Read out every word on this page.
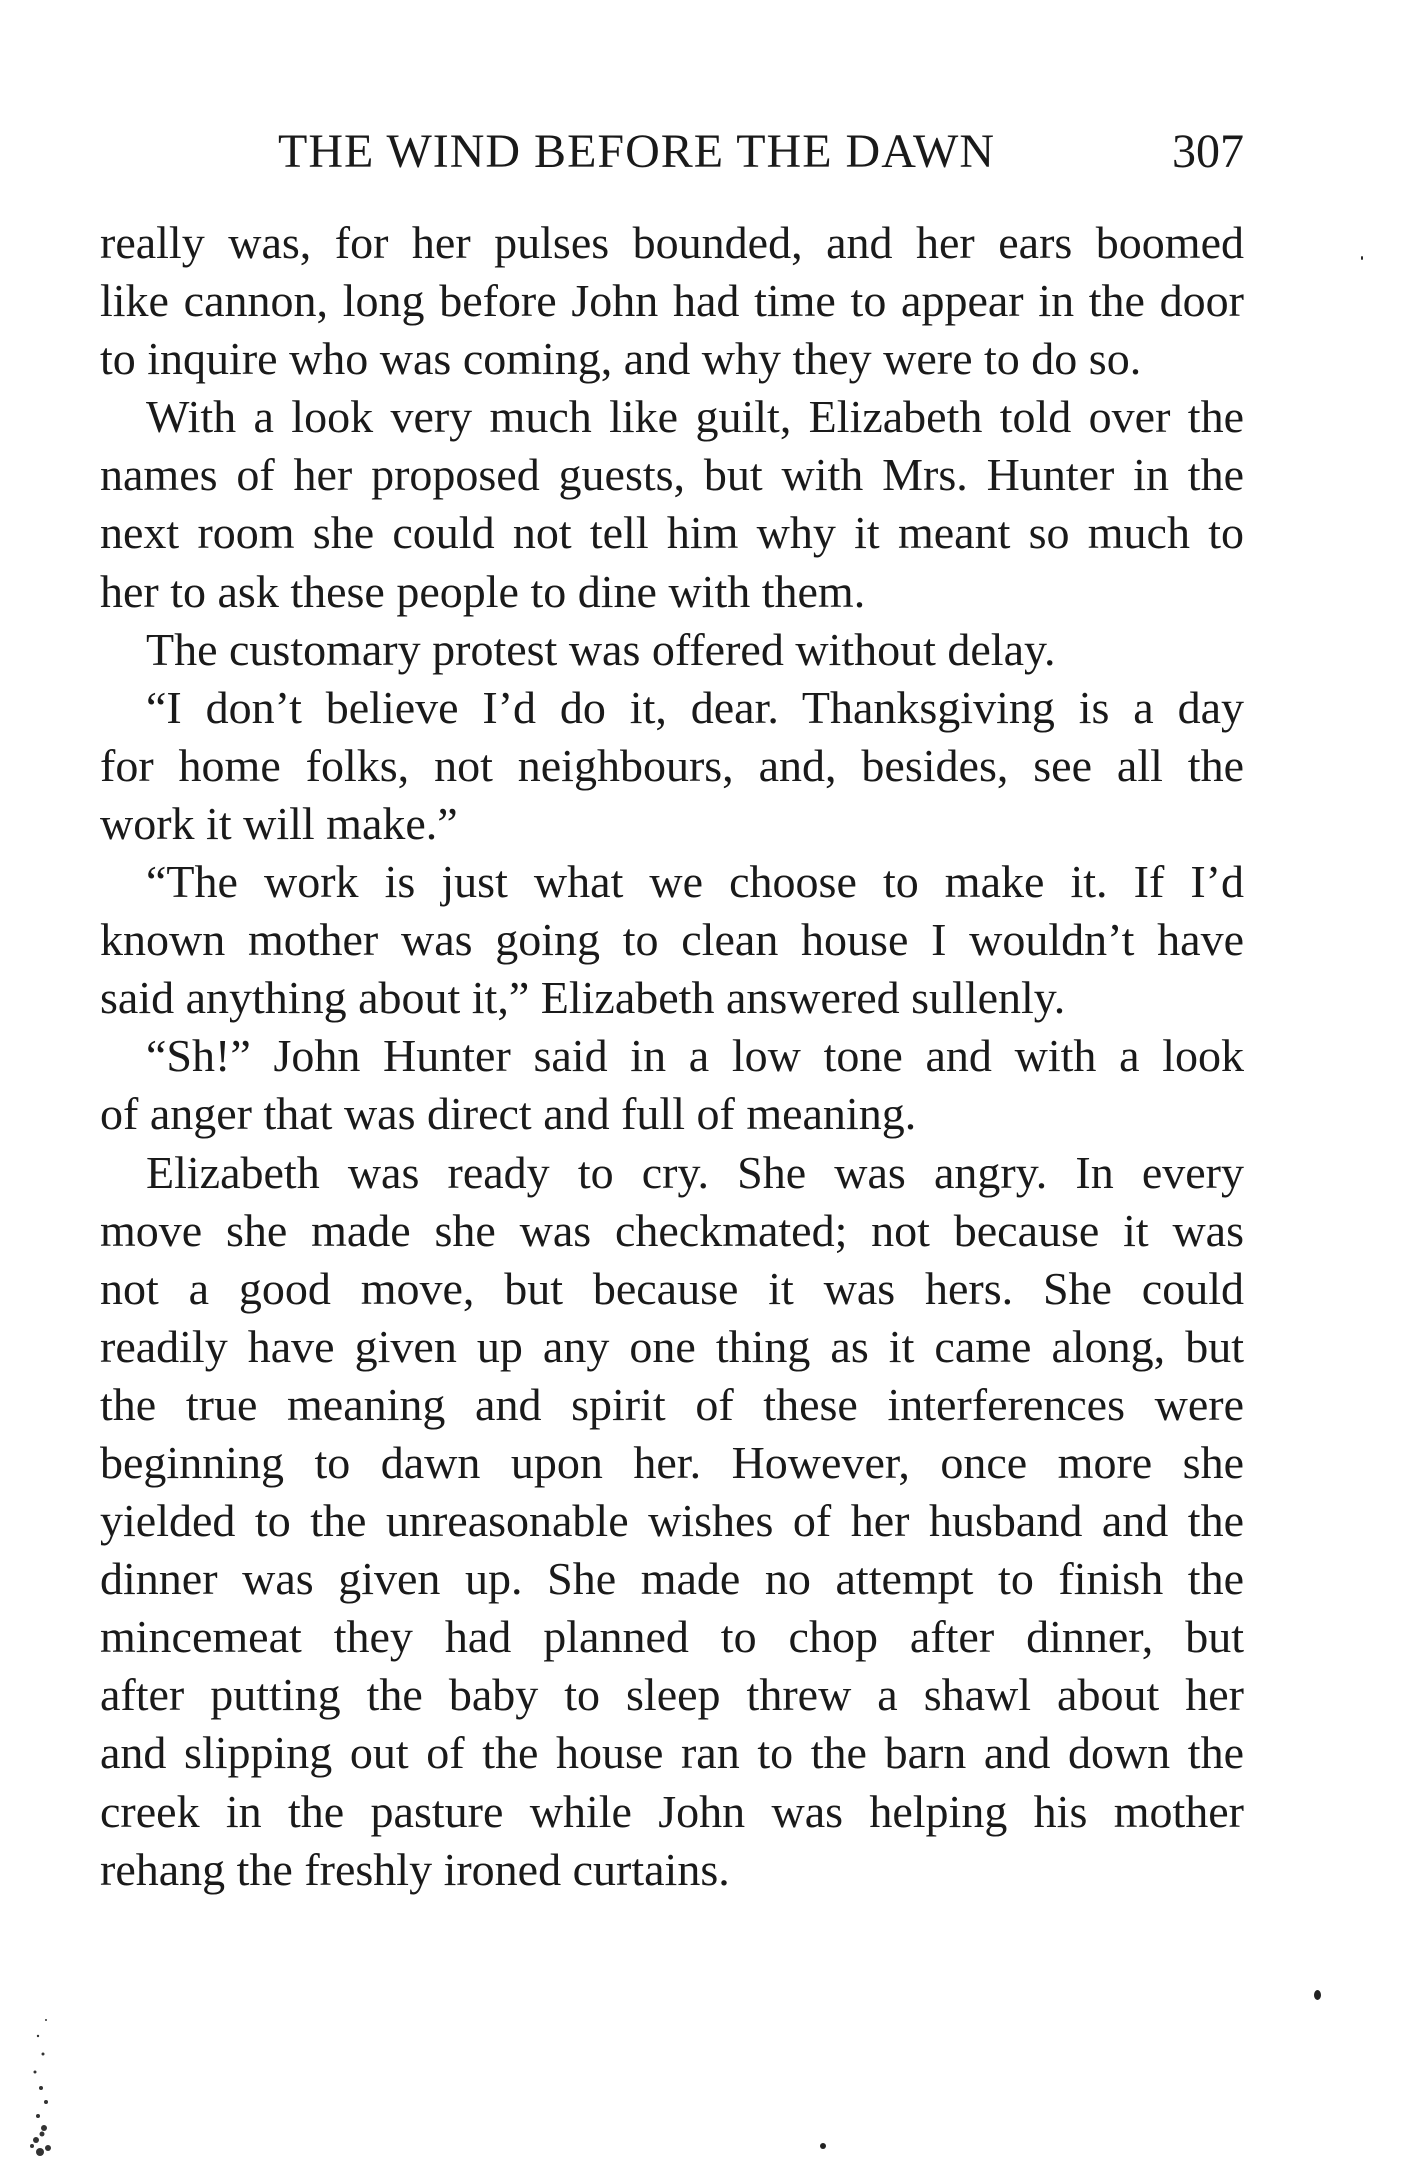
THE WIND BEFORE THE DAWN	307
really was, for her pulses bounded, and her ears boomed
like cannon, long before John had time to appear in the door
to inquire who was coming, and why they were to do so.
With a look very much like guilt, Elizabeth told over the
names of her proposed guests, but with Mrs. Hunter in the
next room she could not tell him why it meant so much to
her to ask these people to dine with them.
The customary protest was offered without delay.
“I don’t believe I’d do it, dear. Thanksgiving is a day
for home folks, not neighbours, and, besides, see all the
work it will make.”
“The work is just what we choose to make it. If I’d
known mother was going to clean house I wouldn’t have
said anything about it,” Elizabeth answered sullenly.
“Sh!” John Hunter said in a low tone and with a look
of anger that was direct and full of meaning.
Elizabeth was ready to cry. She was angry. In every
move she made she was checkmated; not because it was
not a good move, but because it was hers. She could
readily have given up any one thing as it came along, but
the true meaning and spirit of these interferences were
beginning to dawn upon her. However, once more she
yielded to the unreasonable wishes of her husband and the
dinner was given up. She made no attempt to finish the
mincemeat they had planned to chop after dinner, but
after putting the baby to sleep threw a shawl about her
and slipping out of the house ran to the barn and down the
creek in the pasture while John was helping his mother
rehang the freshly ironed curtains.
